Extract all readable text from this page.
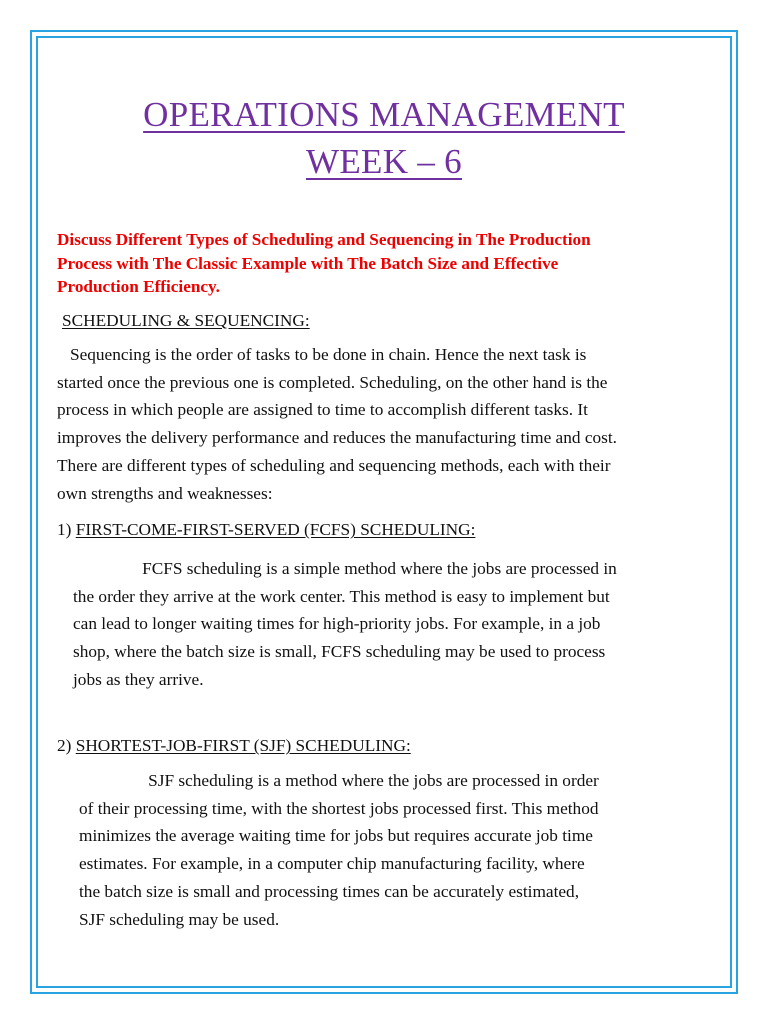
OPERATIONS MANAGEMENT
WEEK – 6

Discuss Different Types of Scheduling and Sequencing in The Production
Process with The Classic Example with The Batch Size and Effective
Production Efficiency.

SCHEDULING & SEQUENCING:

Sequencing is the order of tasks to be done in chain. Hence the next task is
started once the previous one is completed. Scheduling, on the other hand is the
process in which people are assigned to time to accomplish different tasks. It
improves the delivery performance and reduces the manufacturing time and cost.
There are different types of scheduling and sequencing methods, each with their
own strengths and weaknesses:

1) FIRST-COME-FIRST-SERVED (FCFS) SCHEDULING:

FCFS scheduling is a simple method where the jobs are processed in
the order they arrive at the work center. This method is easy to implement but
can lead to longer waiting times for high-priority jobs. For example, in a job
shop, where the batch size is small, FCFS scheduling may be used to process
jobs as they arrive.

2) SHORTEST-JOB-FIRST (SJF) SCHEDULING:

SJF scheduling is a method where the jobs are processed in order
of their processing time, with the shortest jobs processed first. This method
minimizes the average waiting time for jobs but requires accurate job time
estimates. For example, in a computer chip manufacturing facility, where
the batch size is small and processing times can be accurately estimated,
SJF scheduling may be used.
